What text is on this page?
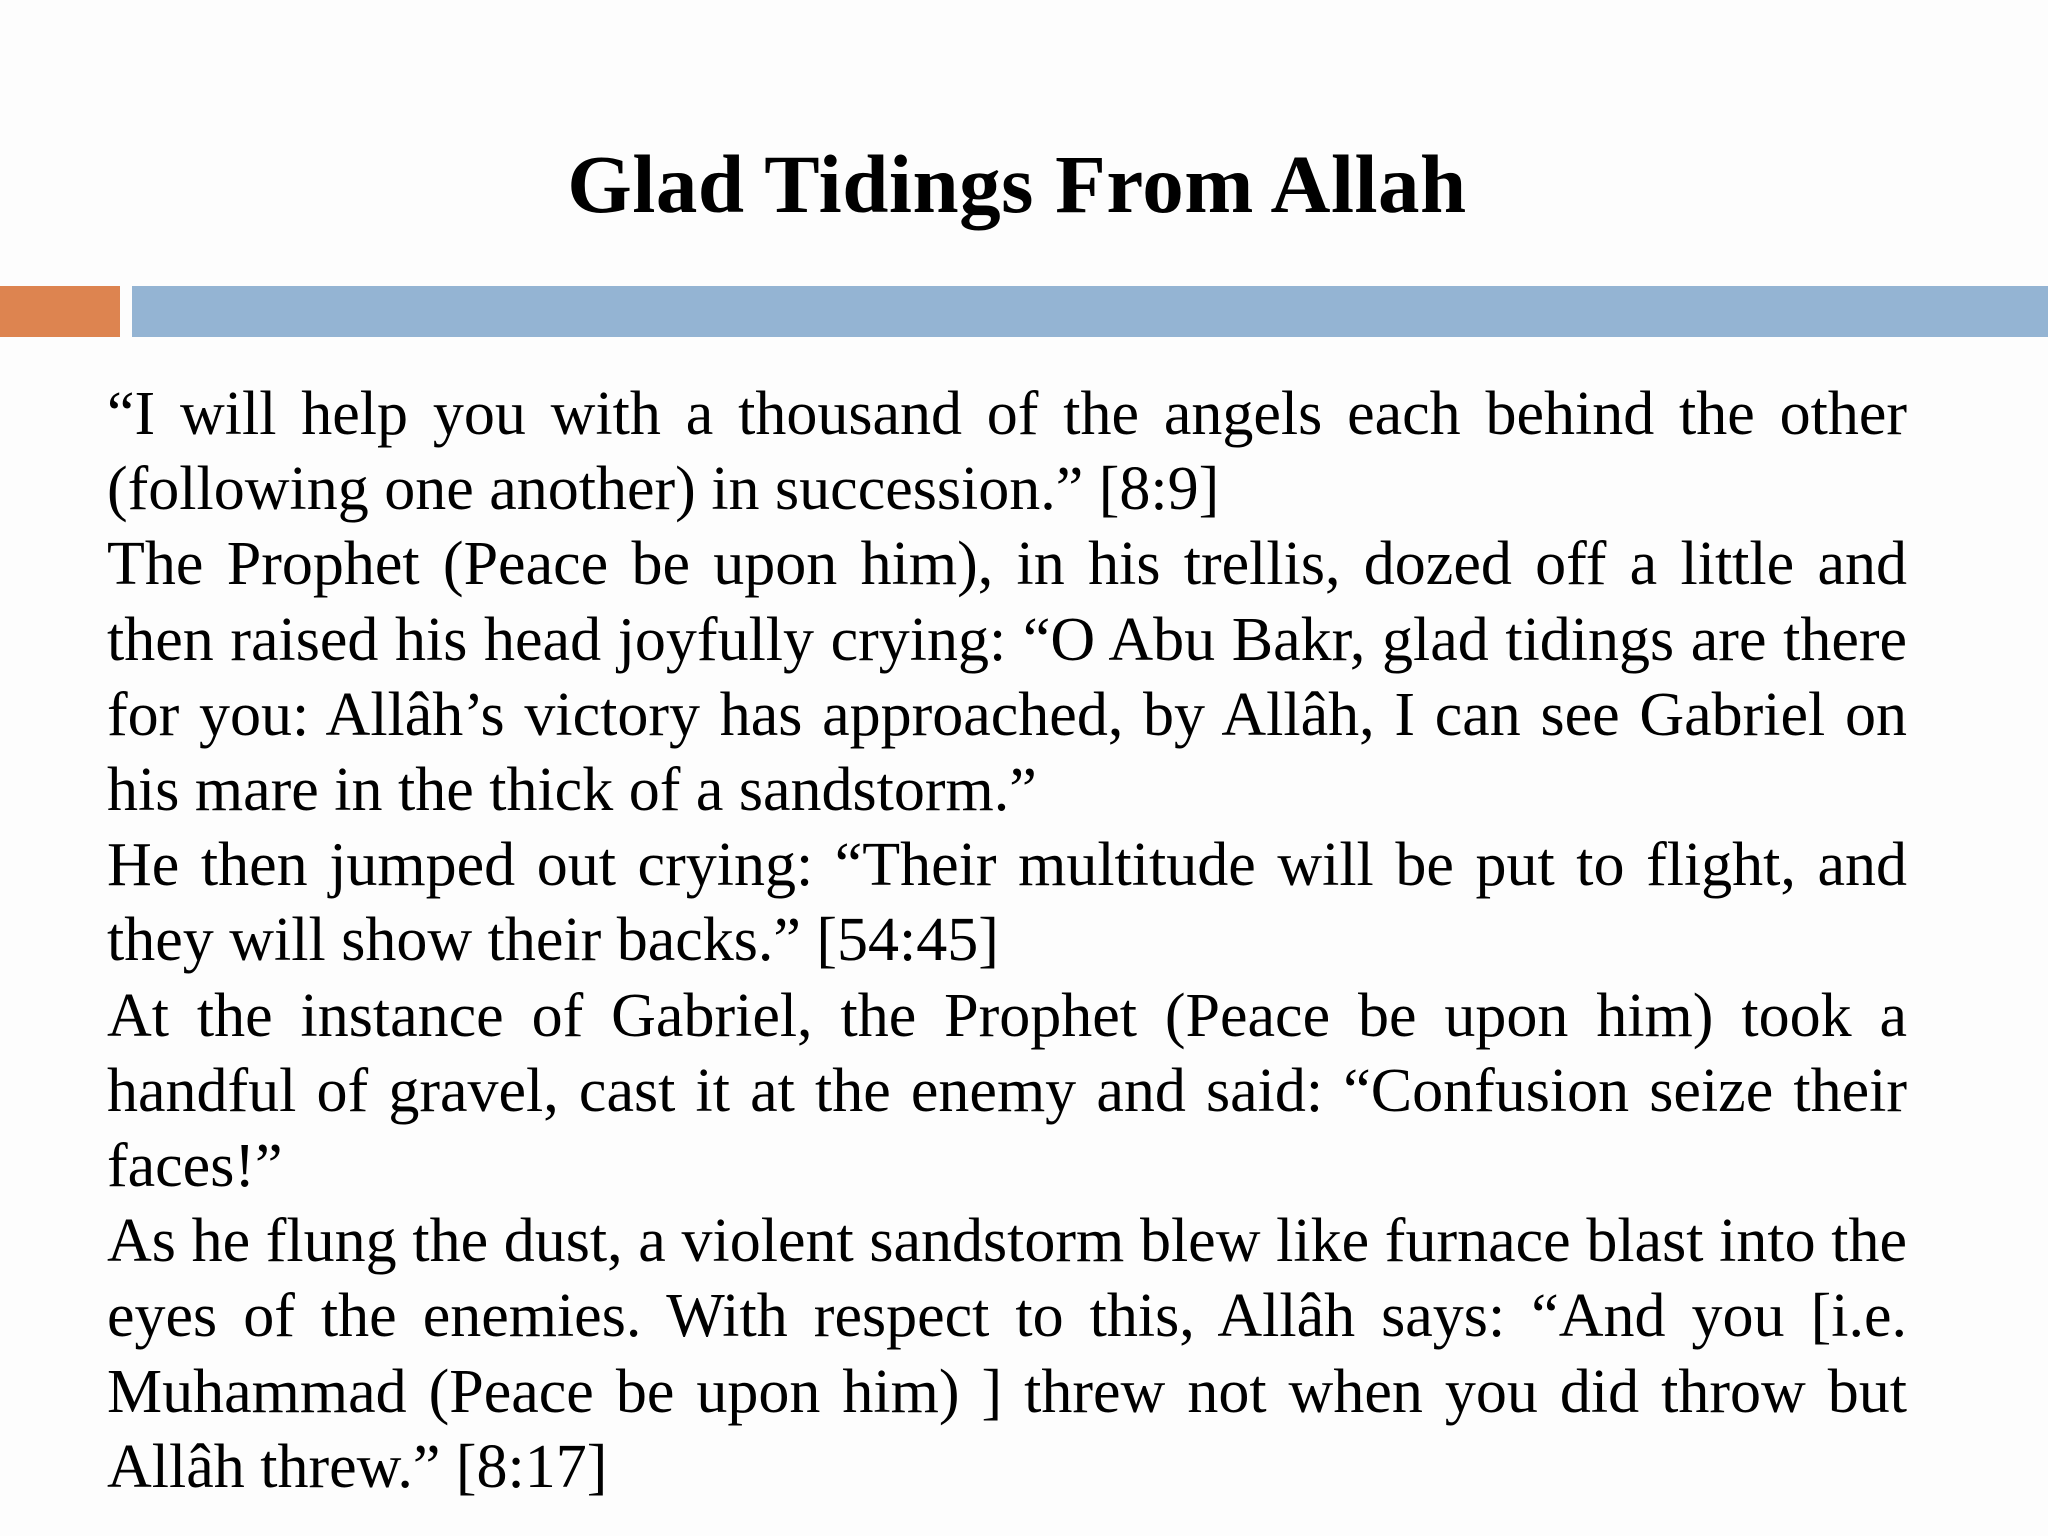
Glad Tidings From Allah

“I will help you with a thousand of the angels each behind the other (following one another) in succession.” [8:9]

The Prophet (Peace be upon him), in his trellis, dozed off a little and then raised his head joyfully crying: “O Abu Bakr, glad tidings are there for you: Allâh’s victory has approached, by Allâh, I can see Gabriel on his mare in the thick of a sandstorm.”

He then jumped out crying: “Their multitude will be put to flight, and they will show their backs.” [54:45]

At the instance of Gabriel, the Prophet (Peace be upon him) took a handful of gravel, cast it at the enemy and said: “Confusion seize their faces!”

As he flung the dust, a violent sandstorm blew like furnace blast into the eyes of the enemies. With respect to this, Allâh says: “And you [i.e. Muhammad (Peace be upon him) ] threw not when you did throw but Allâh threw.” [8:17]
